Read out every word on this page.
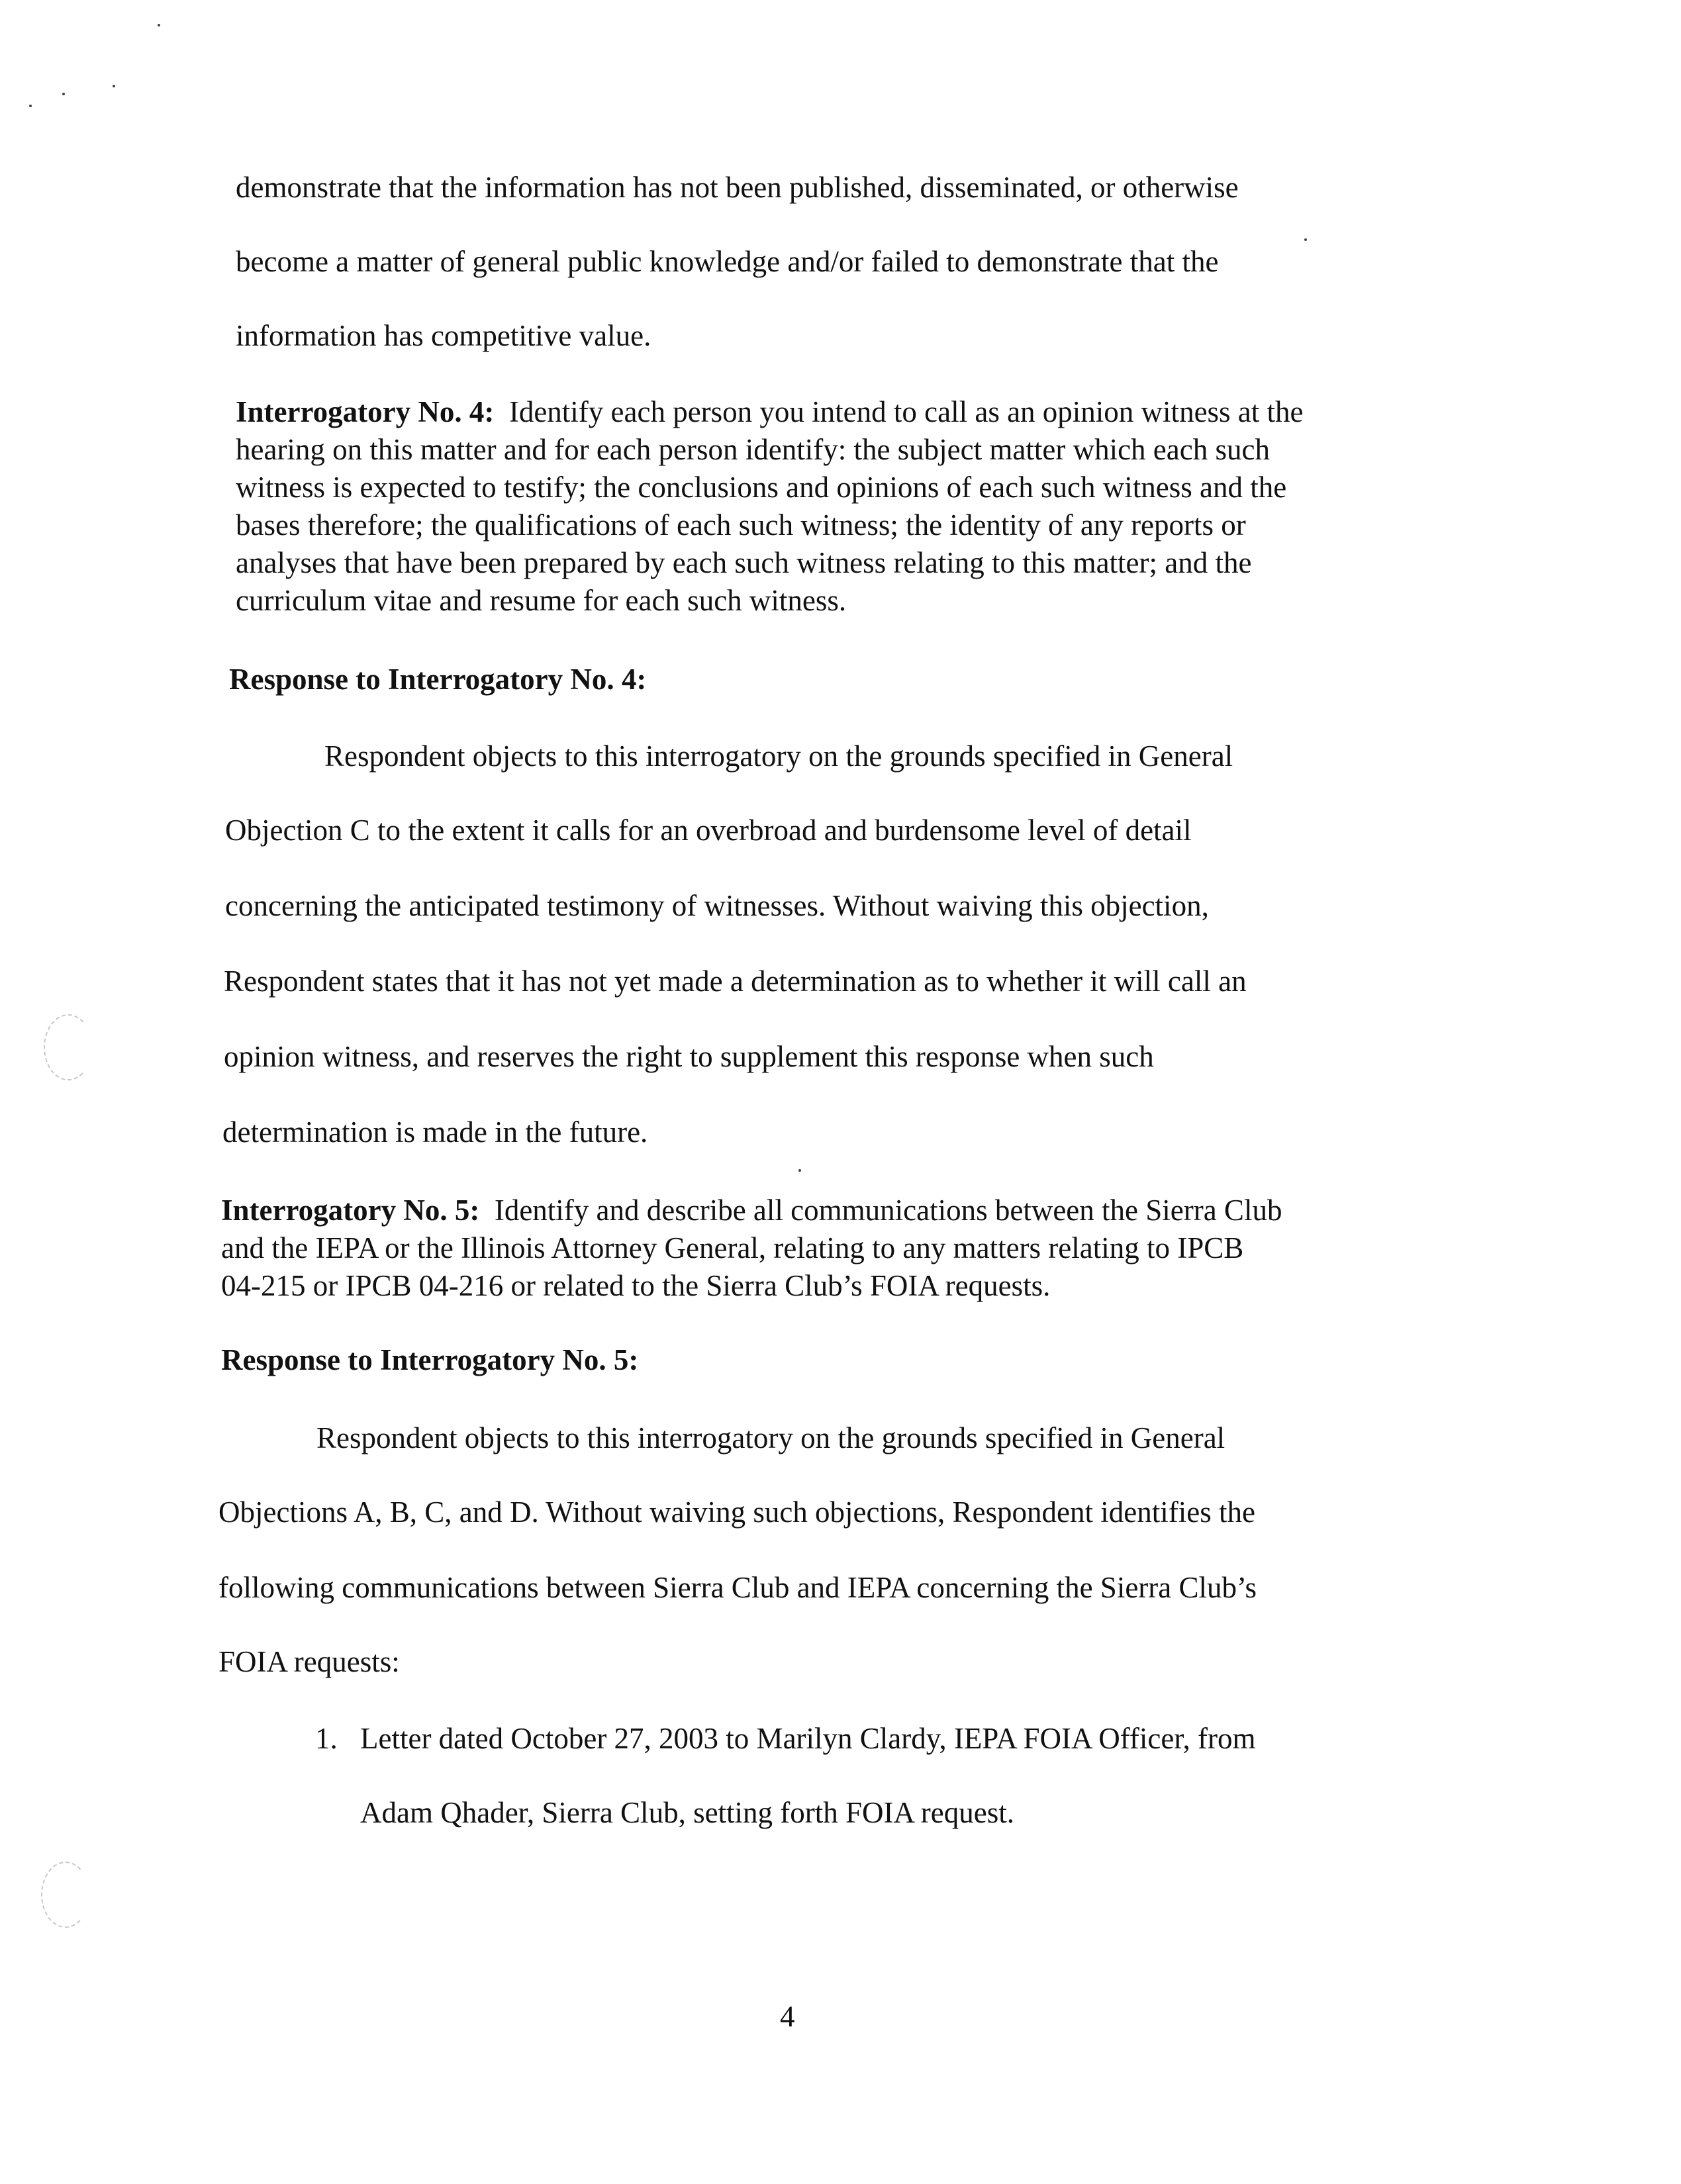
demonstrate that the information has not been published, disseminated, or otherwise
become a matter of general public knowledge and/or failed to demonstrate that the
information has competitive value.
Interrogatory No. 4: Identify each person you intend to call as an opinion witness at the
hearing on this matter and for each person identify: the subject matter which each such
witness is expected to testify; the conclusions and opinions of each such witness and the
bases therefore; the qualifications of each such witness; the identity of any reports or
analyses that have been prepared by each such witness relating to this matter; and the
curriculum vitae and resume for each such witness.
Response to Interrogatory No. 4:
Respondent objects to this interrogatory on the grounds specified in General
Objection C to the extent it calls for an overbroad and burdensome level of detail
concerning the anticipated testimony of witnesses. Without waiving this objection,
Respondent states that it has not yet made a determination as to whether it will call an
opinion witness, and reserves the right to supplement this response when such
determination is made in the future.
Interrogatory No. 5: Identify and describe all communications between the Sierra Club
and the IEPA or the Illinois Attorney General, relating to any matters relating to IPCB
04-215 or IPCB 04-216 or related to the Sierra Club’s FOIA requests.
Response to Interrogatory No. 5:
Respondent objects to this interrogatory on the grounds specified in General
Objections A, B, C, and D. Without waiving such objections, Respondent identifies the
following communications between Sierra Club and IEPA concerning the Sierra Club’s
FOIA requests:
1. Letter dated October 27, 2003 to Marilyn Clardy, IEPA FOIA Officer, from
Adam Qhader, Sierra Club, setting forth FOIA request.
4
